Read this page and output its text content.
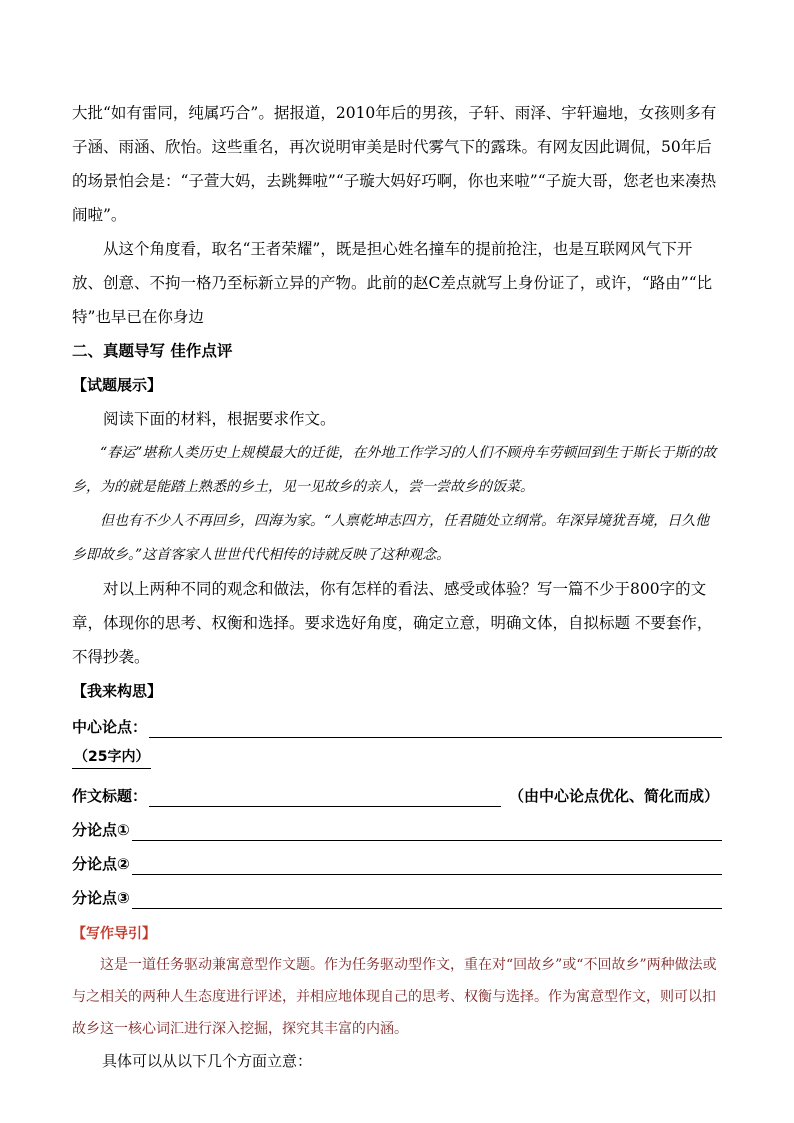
大批“如有雷同，纯属巧合”。据报道，2010年后的男孩，子轩、雨泽、宇轩遍地，女孩则多有子涵、雨涵、欣怡。这些重名，再次说明审美是时代雾气下的露珠。有网友因此调侃，50年后的场景怕会是：“子萱大妈，去跳舞啦”“子璇大妈好巧啊，你也来啦”“子旋大哥，您老也来凑热闹啦”。

从这个角度看，取名“王者荣耀”，既是担心姓名撞车的提前抢注，也是互联网风气下开放、创意、不拘一格乃至标新立异的产物。此前的赵C差点就写上身份证了，或许，“路由”“比特”也早已在你身边

二、真题导写 佳作点评

【试题展示】

阅读下面的材料，根据要求作文。

“春运”堪称人类历史上规模最大的迁徙，在外地工作学习的人们不顾舟车劳顿回到生于斯长于斯的故乡，为的就是能踏上熟悉的乡土，见一见故乡的亲人，尝一尝故乡的饭菜。

但也有不少人不再回乡，四海为家。“人禀乾坤志四方，任君随处立纲常。年深异境犹吾境，日久他乡即故乡。”这首客家人世世代代相传的诗就反映了这种观念。

对以上两种不同的观念和做法，你有怎样的看法、感受或体验？写一篇不少于800字的文章，体现你的思考、权衡和选择。要求选好角度，确定立意，明确文体，自拟标题 不要套作，不得抄袭。

【我来构思】

中心论点：
（25字内）
作文标题：	（由中心论点优化、简化而成）
分论点①
分论点②
分论点③

【写作导引】

这是一道任务驱动兼寓意型作文题。作为任务驱动型作文，重在对“回故乡”或“不回故乡”两种做法或与之相关的两种人生态度进行评述，并相应地体现自己的思考、权衡与选择。作为寓意型作文，则可以扣故乡这一核心词汇进行深入挖掘，探究其丰富的内涵。

具体可以从以下几个方面立意：
